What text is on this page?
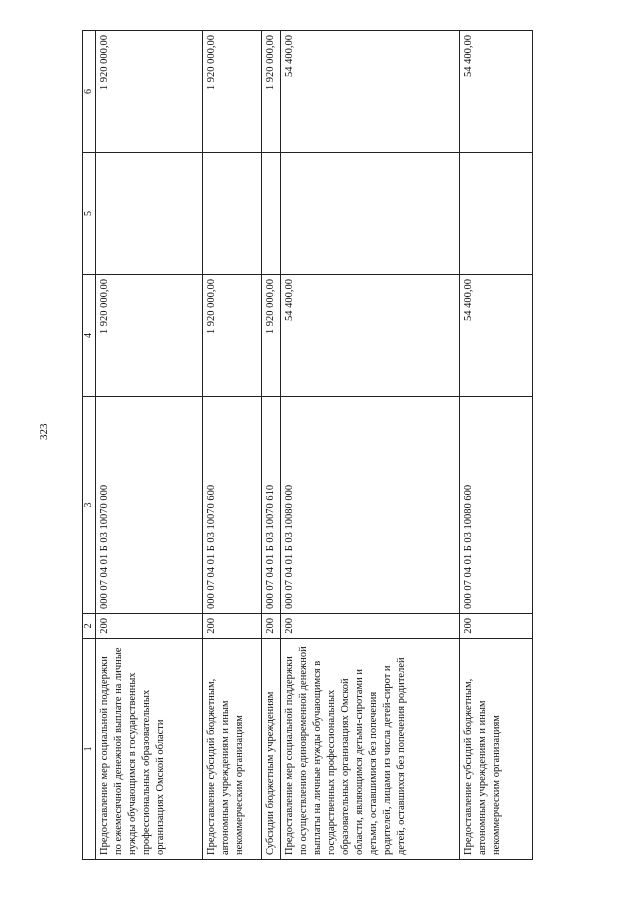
323
1	2	3	4	5	6
Предоставление мер социальной поддержки по ежемесячной денежной выплате на личные нужды обучающимся в государственных профессиональных образовательных организациях Омской области	200	000 07 04 01 Б 03 10070 000	1 920 000,00		1 920 000,00
Предоставление субсидий бюджетным, автономным учреждениям и иным некоммерческим организациям	200	000 07 04 01 Б 03 10070 600	1 920 000,00		1 920 000,00
Субсидии бюджетным учреждениям	200	000 07 04 01 Б 03 10070 610	1 920 000,00		1 920 000,00
Предоставление мер социальной поддержки по осуществлению единовременной денежной выплаты на личные нужды обучающимся в государственных профессиональных образовательных организациях Омской области, являющимся детьми-сиротами и детьми, оставшимися без попечения родителей, лицами из числа детей-сирот и детей, оставшихся без попечения родителей	200	000 07 04 01 Б 03 10080 000	54 400,00		54 400,00
Предоставление субсидий бюджетным, автономным учреждениям и иным некоммерческим организациям	200	000 07 04 01 Б 03 10080 600	54 400,00		54 400,00
